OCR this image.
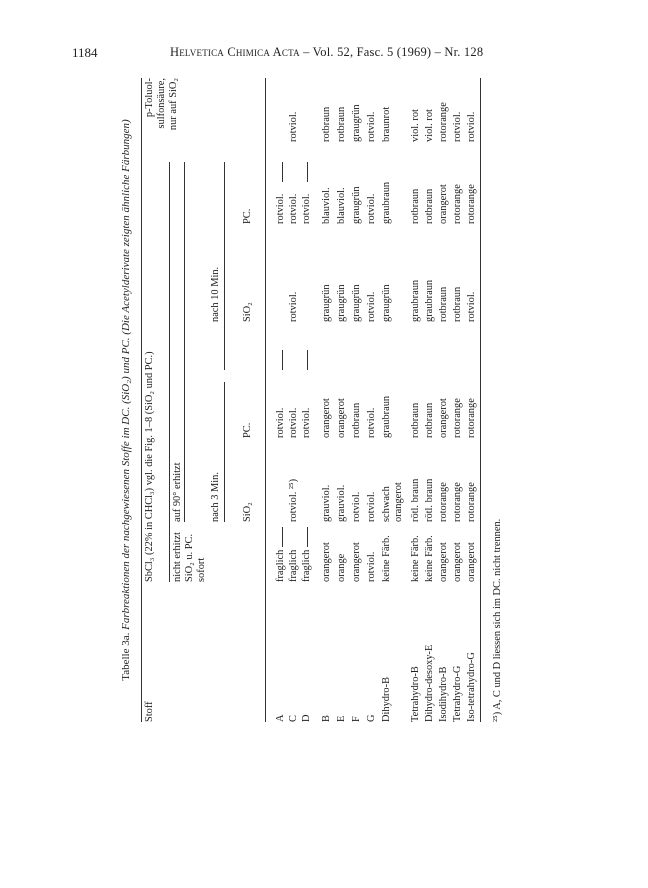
1184	Helvetica Chimica Acta – Vol. 52, Fasc. 5 (1969) – Nr. 128
Tabelle 3a. Farbreaktionen der nachgewiesenen Stoffe im DC. (SiO₂) und PC. (Die Acetylderivate zeigten ähnliche Färbungen)
Stoff
SbCl₃ (22% in CHCl₃) vgl. die Fig. 1–8 (SiO₂ und PC.) nicht erhitzt SiO₂ u. PC. sofort
auf 90° erhitzt	nach 3 Min.
nach 10 Min.
SiO₂
PC.
SiO₂
PC.
p-Toluol- sulfonsäure, nur auf SiO₂
A
fraglich
rotviol.
rotviol.
C
fraglich
rotviol. ²⁵)
rotviol.
rotviol.
rotviol.
rotviol.
D
fraglich
rotviol.
rotviol.
B
orangerot
grauviol.
orangerot
graugrün
blauviol.
rotbraun
E
orange
grauviol.
orangerot
graugrün
blauviol.
rotbraun
F
orangerot
rotviol.
rotbraun
graugrün
graugrün
graugrün
G
rotviol.
rotviol.
rotviol.
rotviol.
rotviol.
rotviol.
Dihydro-B
keine Färb.
schwach orangerot
graubraun
graugrün
graubraun
braunrot
Tetrahydro-B
keine Färb.
rötl. braun
rotbraun
graubraun
rotbraun
viol. rot
Dihydro-desoxy-E
keine Färb.
rötl. braun
rotbraun
graubraun
rotbraun
viol. rot
Isodihydro-B
orangerot
rotorange
orangerot
rotbraun
orangerot
rotorange
Tetrahydro-G
orangerot
rotorange
rotorange
rotbraun
rotorange
rotviol.
Iso-tetrahydro-G
orangerot
rotorange
rotorange
rotviol.
rotorange
rotviol.
²⁵) A, C und D liessen sich im DC. nicht trennen.
